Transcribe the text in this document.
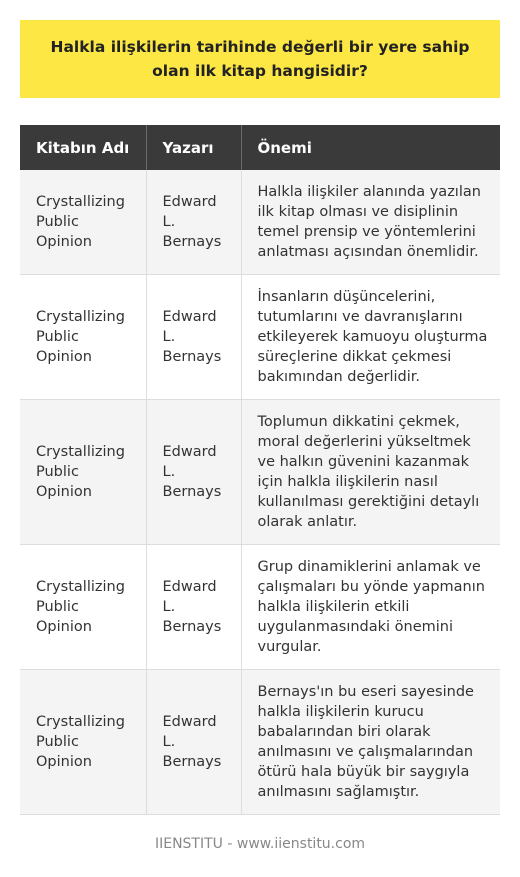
Halkla ilişkilerin tarihinde değerli bir yere sahip olan ilk kitap hangisidir?
Kitabın Adı	Yazarı	Önemi
Crystallizing Public Opinion	Edward L. Bernays	Halkla ilişkiler alanında yazılan ilk kitap olması ve disiplinin temel prensip ve yöntemlerini anlatması açısından önemlidir.
Crystallizing Public Opinion	Edward L. Bernays	İnsanların düşüncelerini, tutumlarını ve davranışlarını etkileyerek kamuoyu oluşturma süreçlerine dikkat çekmesi bakımından değerlidir.
Crystallizing Public Opinion	Edward L. Bernays	Toplumun dikkatini çekmek, moral değerlerini yükseltmek ve halkın güvenini kazanmak için halkla ilişkilerin nasıl kullanılması gerektiğini detaylı olarak anlatır.
Crystallizing Public Opinion	Edward L. Bernays	Grup dinamiklerini anlamak ve çalışmaları bu yönde yapmanın halkla ilişkilerin etkili uygulanmasındaki önemini vurgular.
Crystallizing Public Opinion	Edward L. Bernays	Bernays'ın bu eseri sayesinde halkla ilişkilerin kurucu babalarından biri olarak anılmasını ve çalışmalarından ötürü hala büyük bir saygıyla anılmasını sağlamıştır.
IIENSTITU - www.iienstitu.com
